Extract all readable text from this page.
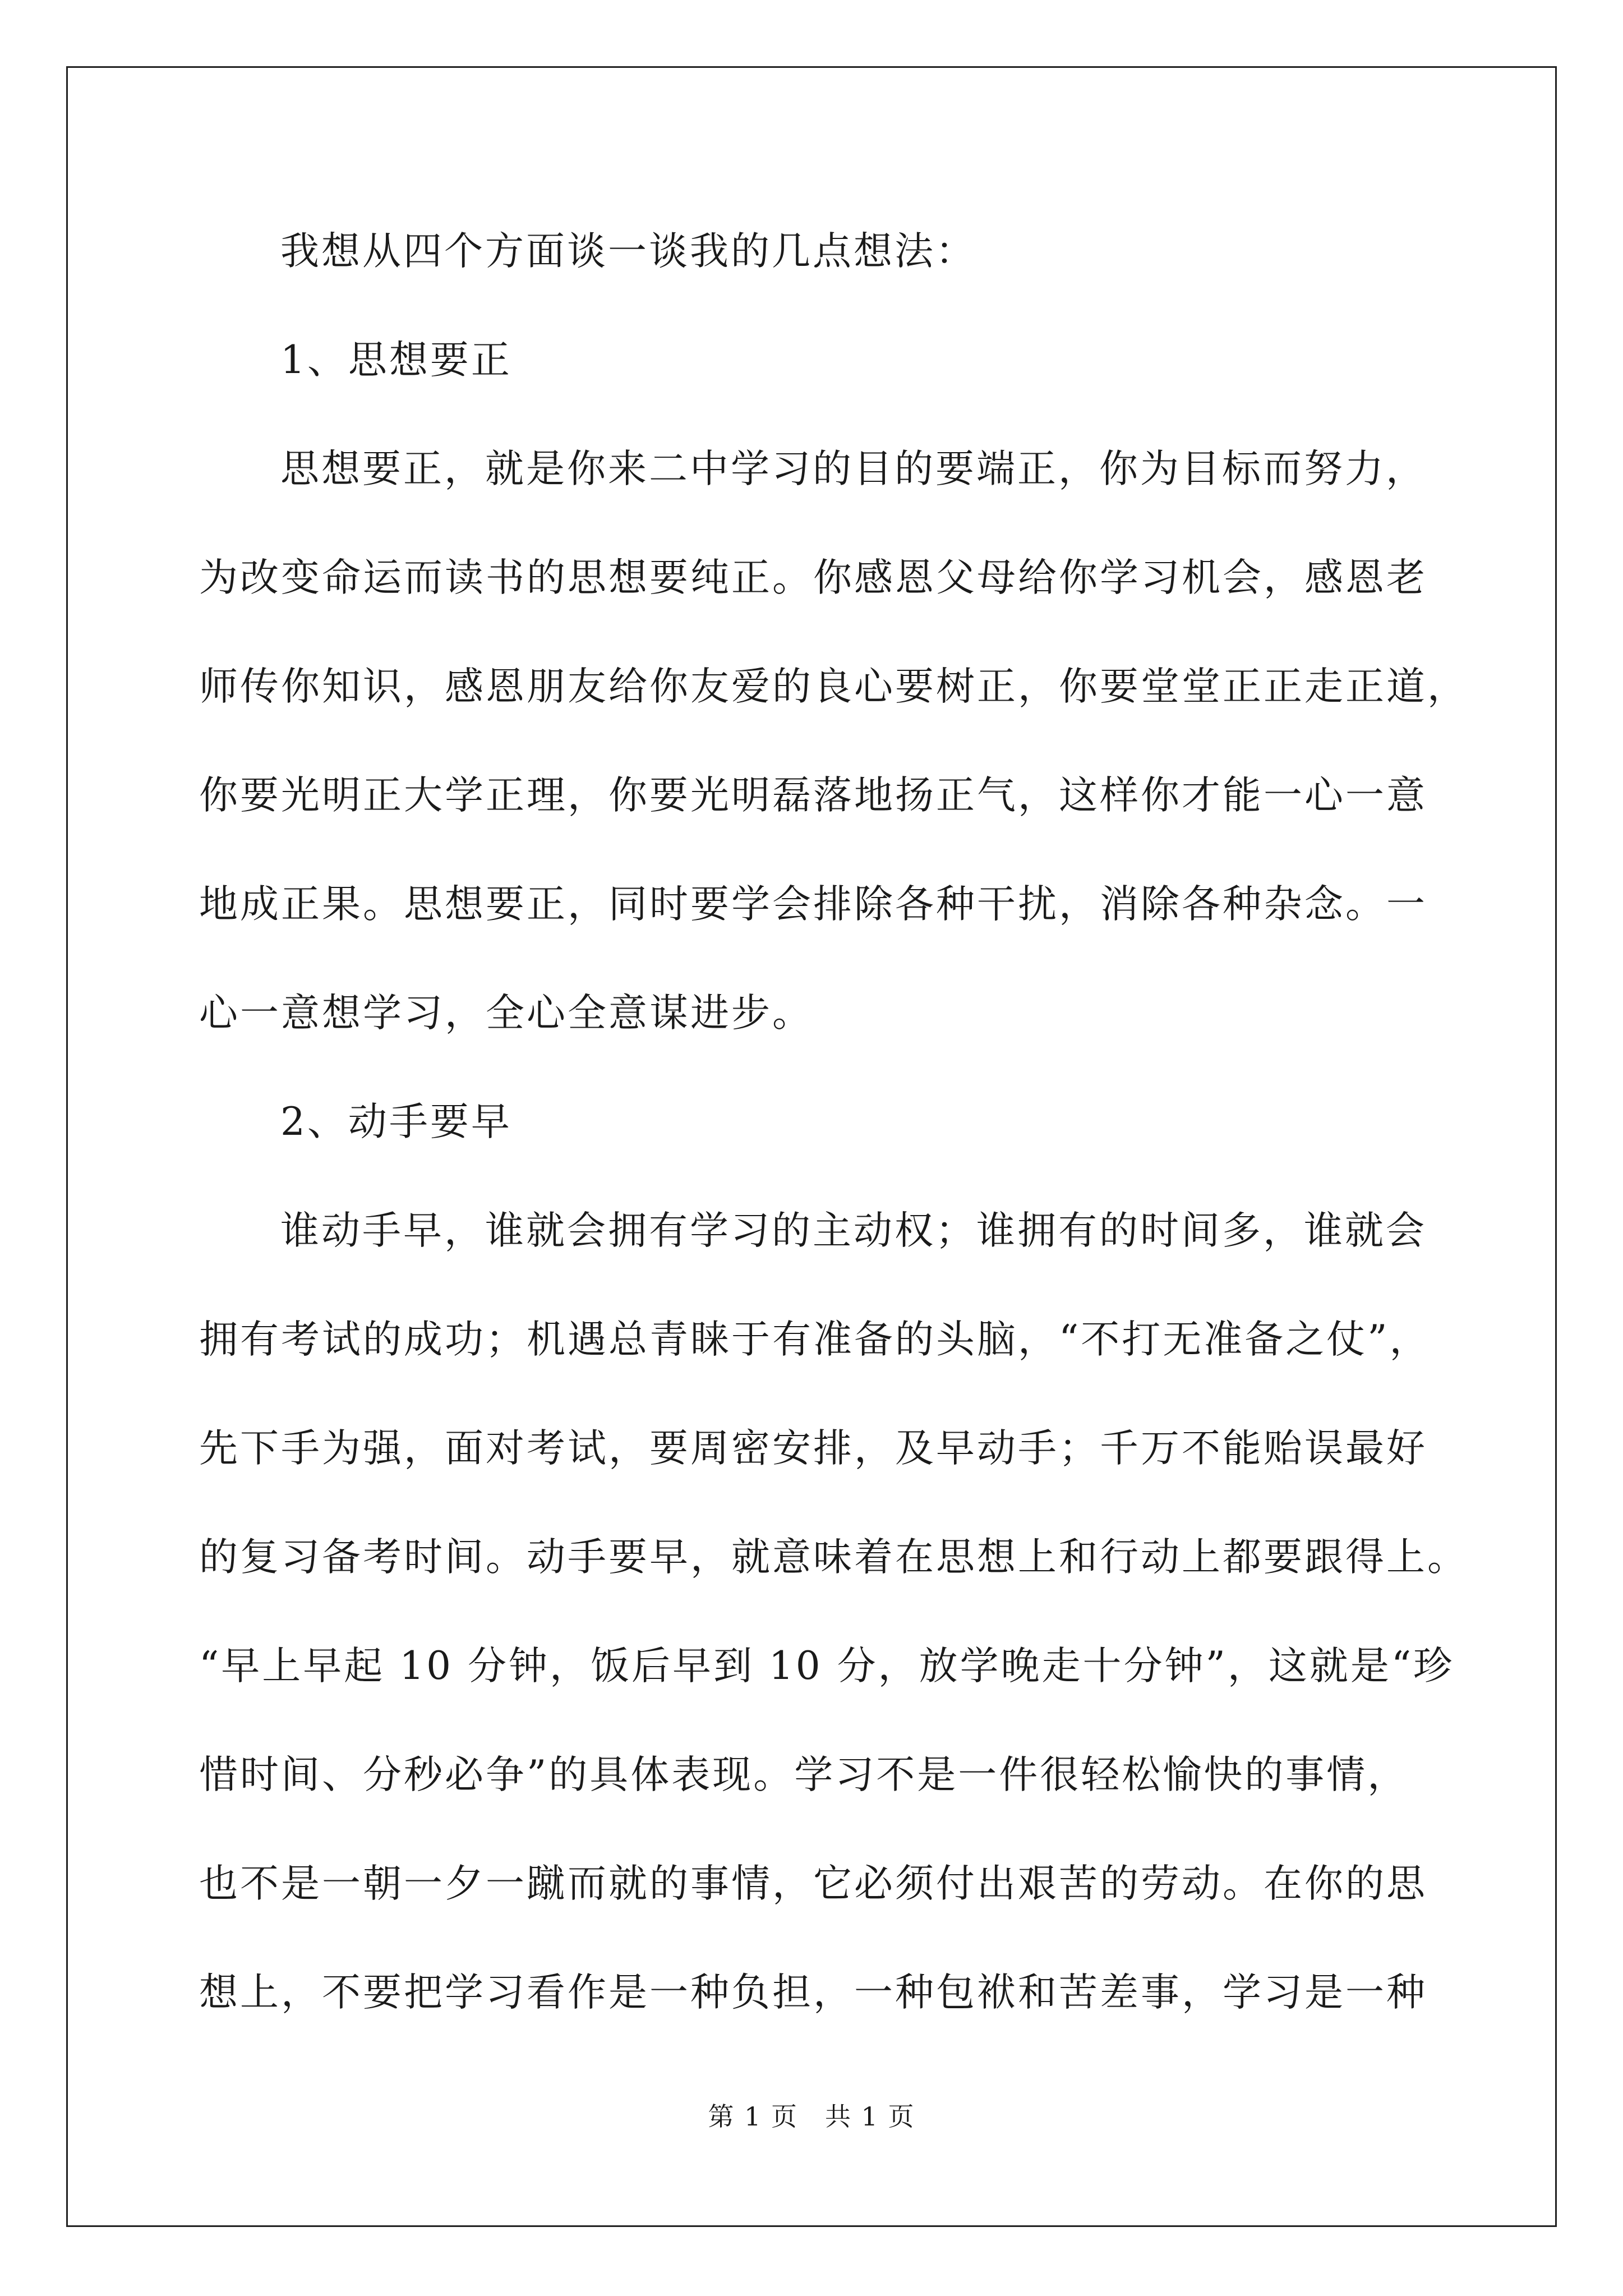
我想从四个方面谈一谈我的几点想法：
1、思想要正
思想要正，就是你来二中学习的目的要端正，你为目标而努力，
为改变命运而读书的思想要纯正。你感恩父母给你学习机会，感恩老
师传你知识，感恩朋友给你友爱的良心要树正，你要堂堂正正走正道，
你要光明正大学正理，你要光明磊落地扬正气，这样你才能一心一意
地成正果。思想要正，同时要学会排除各种干扰，消除各种杂念。一
心一意想学习，全心全意谋进步。
2、动手要早
谁动手早，谁就会拥有学习的主动权；谁拥有的时间多，谁就会
拥有考试的成功；机遇总青睐于有准备的头脑，“不打无准备之仗”，
先下手为强，面对考试，要周密安排，及早动手；千万不能贻误最好
的复习备考时间。动手要早，就意味着在思想上和行动上都要跟得上。
“早上早起 10 分钟，饭后早到 10 分，放学晚走十分钟”，这就是“珍
惜时间、分秒必争”的具体表现。学习不是一件很轻松愉快的事情，
也不是一朝一夕一蹴而就的事情，它必须付出艰苦的劳动。在你的思
想上，不要把学习看作是一种负担，一种包袱和苦差事，学习是一种
第 1 页　共 1 页
